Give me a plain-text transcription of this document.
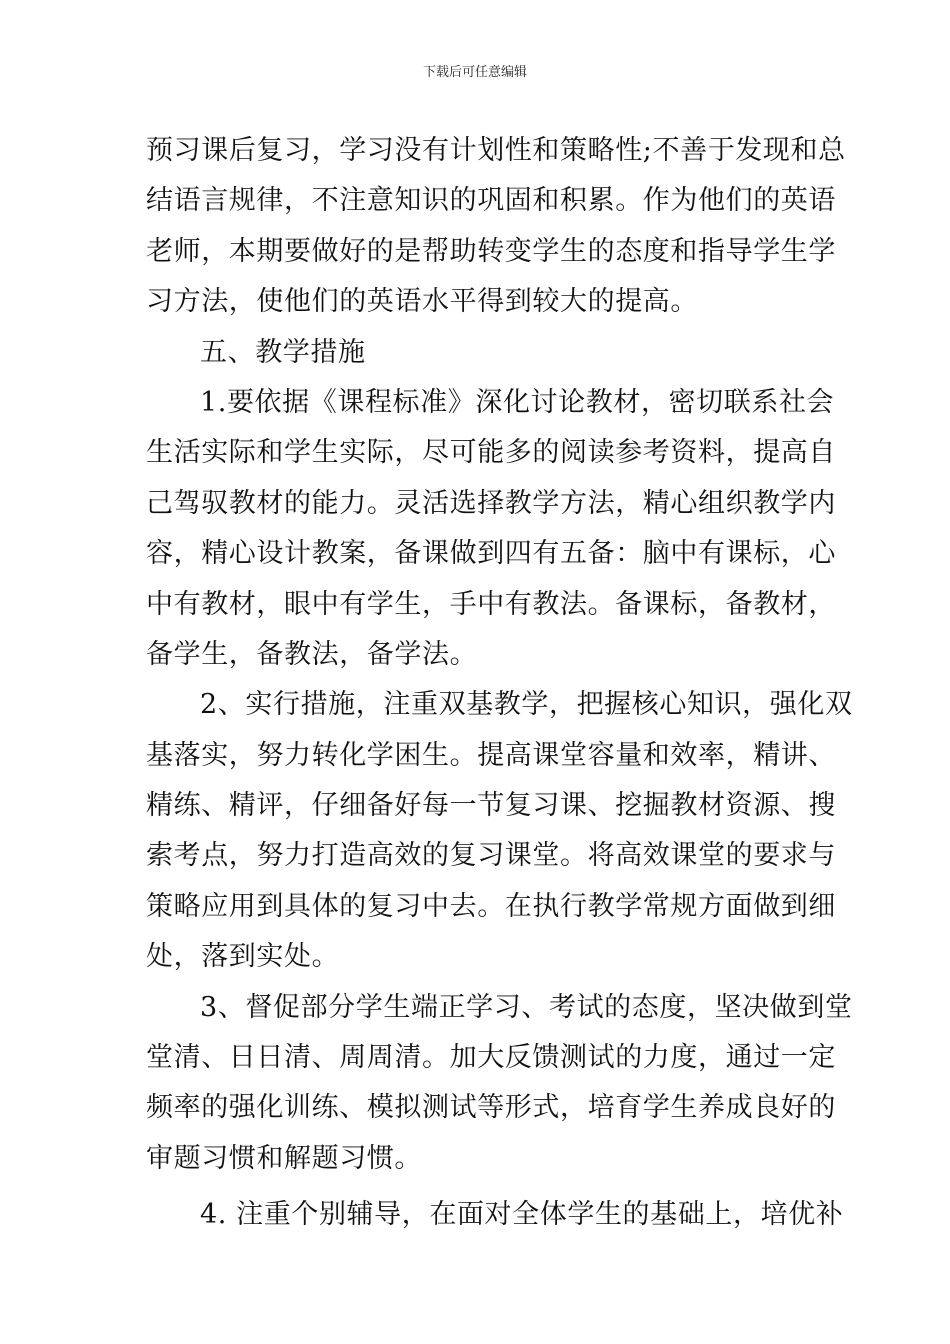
下载后可任意编辑
预习课后复习，学习没有计划性和策略性;不善于发现和总
结语言规律，不注意知识的巩固和积累。作为他们的英语
老师，本期要做好的是帮助转变学生的态度和指导学生学
习方法，使他们的英语水平得到较大的提高。
五、教学措施
1.要依据《课程标准》深化讨论教材，密切联系社会
生活实际和学生实际，尽可能多的阅读参考资料，提高自
己驾驭教材的能力。灵活选择教学方法，精心组织教学内
容，精心设计教案，备课做到四有五备：脑中有课标，心
中有教材，眼中有学生，手中有教法。备课标，备教材，
备学生，备教法，备学法。
2、实行措施，注重双基教学，把握核心知识，强化双
基落实，努力转化学困生。提高课堂容量和效率，精讲、
精练、精评，仔细备好每一节复习课、挖掘教材资源、搜
索考点，努力打造高效的复习课堂。将高效课堂的要求与
策略应用到具体的复习中去。在执行教学常规方面做到细
处，落到实处。
3、督促部分学生端正学习、考试的态度，坚决做到堂
堂清、日日清、周周清。加大反馈测试的力度，通过一定
频率的强化训练、模拟测试等形式，培育学生养成良好的
审题习惯和解题习惯。
4. 注重个别辅导，在面对全体学生的基础上，培优补
